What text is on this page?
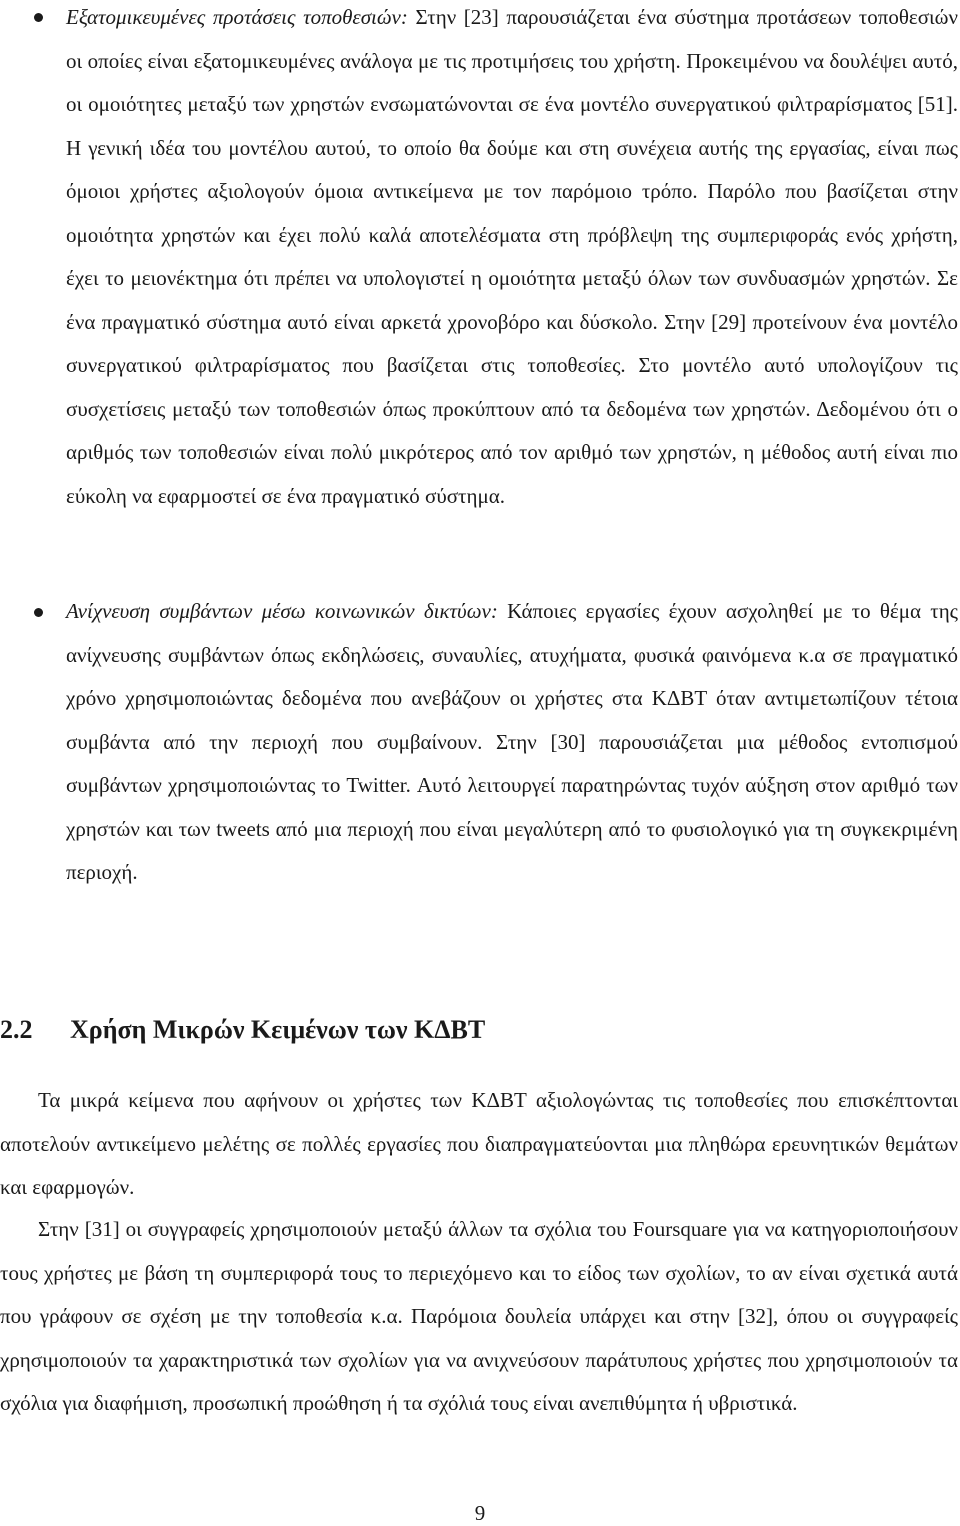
Εξατομικευμένες προτάσεις τοποθεσιών: Στην [23] παρουσιάζεται ένα σύστημα προτάσεων τοποθεσιών οι οποίες είναι εξατομικευμένες ανάλογα με τις προτιμήσεις του χρήστη. Προκειμένου να δουλέψει αυτό, οι ομοιότητες μεταξύ των χρηστών ενσωματώνονται σε ένα μοντέλο συνεργατικού φιλτραρίσματος [51]. Η γενική ιδέα του μοντέλου αυτού, το οποίο θα δούμε και στη συνέχεια αυτής της εργασίας, είναι πως όμοιοι χρήστες αξιολογούν όμοια αντικείμενα με τον παρόμοιο τρόπο. Παρόλο που βασίζεται στην ομοιότητα χρηστών και έχει πολύ καλά αποτελέσματα στη πρόβλεψη της συμπεριφοράς ενός χρήστη, έχει το μειονέκτημα ότι πρέπει να υπολογιστεί η ομοιότητα μεταξύ όλων των συνδυασμών χρηστών. Σε ένα πραγματικό σύστημα αυτό είναι αρκετά χρονοβόρο και δύσκολο. Στην [29] προτείνουν ένα μοντέλο συνεργατικού φιλτραρίσματος που βασίζεται στις τοποθεσίες. Στο μοντέλο αυτό υπολογίζουν τις συσχετίσεις μεταξύ των τοποθεσιών όπως προκύπτουν από τα δεδομένα των χρηστών. Δεδομένου ότι ο αριθμός των τοποθεσιών είναι πολύ μικρότερος από τον αριθμό των χρηστών, η μέθοδος αυτή είναι πιο εύκολη να εφαρμοστεί σε ένα πραγματικό σύστημα.

Ανίχνευση συμβάντων μέσω κοινωνικών δικτύων: Κάποιες εργασίες έχουν ασχοληθεί με το θέμα της ανίχνευσης συμβάντων όπως εκδηλώσεις, συναυλίες, ατυχήματα, φυσικά φαινόμενα κ.α σε πραγματικό χρόνο χρησιμοποιώντας δεδομένα που ανεβάζουν οι χρήστες στα ΚΔΒΤ όταν αντιμετωπίζουν τέτοια συμβάντα από την περιοχή που συμβαίνουν. Στην [30] παρουσιάζεται μια μέθοδος εντοπισμού συμβάντων χρησιμοποιώντας το Twitter. Αυτό λειτουργεί παρατηρώντας τυχόν αύξηση στον αριθμό των χρηστών και των tweets από μια περιοχή που είναι μεγαλύτερη από το φυσιολογικό για τη συγκεκριμένη περιοχή.

2.2 Χρήση Μικρών Κειμένων των ΚΔΒΤ

Τα μικρά κείμενα που αφήνουν οι χρήστες των ΚΔΒΤ αξιολογώντας τις τοποθεσίες που επισκέπτονται αποτελούν αντικείμενο μελέτης σε πολλές εργασίες που διαπραγματεύονται μια πληθώρα ερευνητικών θεμάτων και εφαρμογών.

Στην [31] οι συγγραφείς χρησιμοποιούν μεταξύ άλλων τα σχόλια του Foursquare για να κατηγοριοποιήσουν τους χρήστες με βάση τη συμπεριφορά τους το περιεχόμενο και το είδος των σχολίων, το αν είναι σχετικά αυτά που γράφουν σε σχέση με την τοποθεσία κ.α. Παρόμοια δουλεία υπάρχει και στην [32], όπου οι συγγραφείς χρησιμοποιούν τα χαρακτηριστικά των σχολίων για να ανιχνεύσουν παράτυπους χρήστες που χρησιμοποιούν τα σχόλια για διαφήμιση, προσωπική προώθηση ή τα σχόλιά τους είναι ανεπιθύμητα ή υβριστικά.

9
